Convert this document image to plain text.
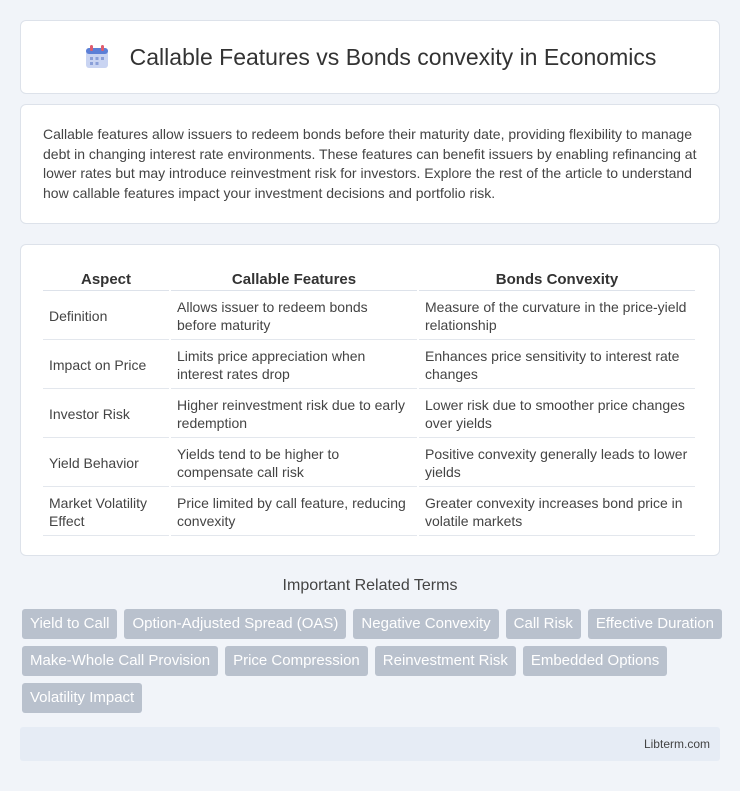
Callable Features vs Bonds convexity in Economics

Callable features allow issuers to redeem bonds before their maturity date, providing flexibility to manage debt in changing interest rate environments. These features can benefit issuers by enabling refinancing at lower rates but may introduce reinvestment risk for investors. Explore the rest of the article to understand how callable features impact your investment decisions and portfolio risk.

Aspect	Callable Features	Bonds Convexity
Definition	Allows issuer to redeem bonds before maturity	Measure of the curvature in the price-yield relationship
Impact on Price	Limits price appreciation when interest rates drop	Enhances price sensitivity to interest rate changes
Investor Risk	Higher reinvestment risk due to early redemption	Lower risk due to smoother price changes over yields
Yield Behavior	Yields tend to be higher to compensate call risk	Positive convexity generally leads to lower yields
Market Volatility Effect	Price limited by call feature, reducing convexity	Greater convexity increases bond price in volatile markets
Important Related Terms
Yield to Call	Option-Adjusted Spread (OAS)	Negative Convexity	Call Risk	Effective Duration
Make-Whole Call Provision	Price Compression	Reinvestment Risk	Embedded Options
Volatility Impact
Libterm.com
